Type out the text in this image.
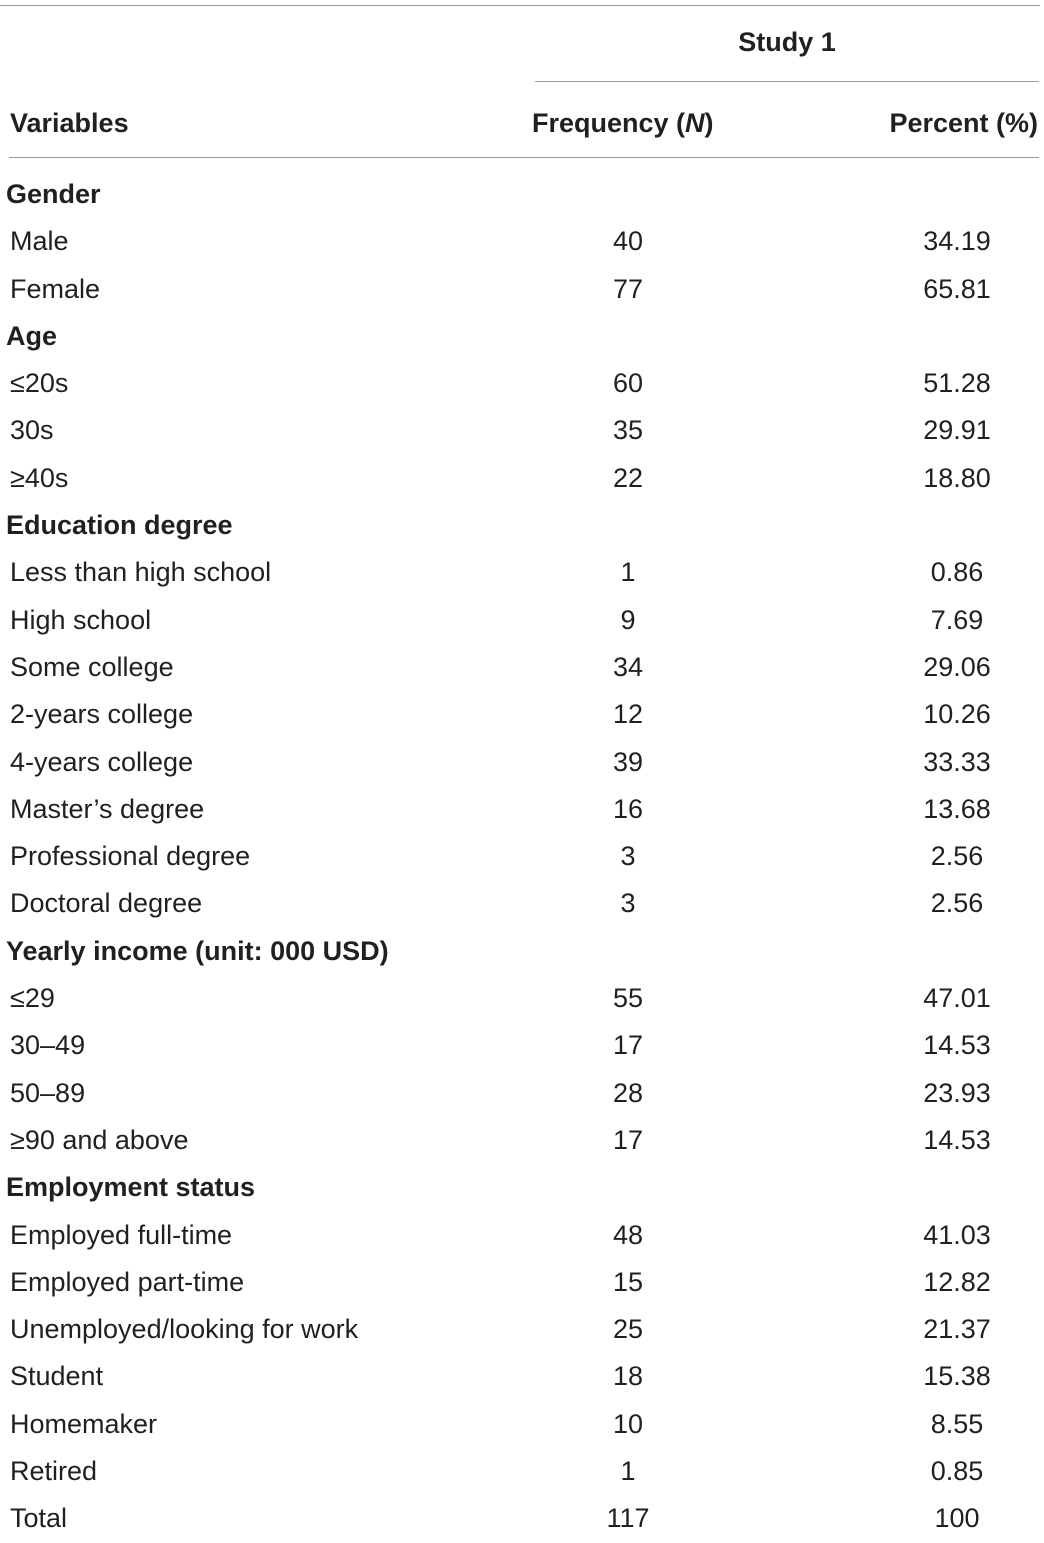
Study 1
Variables	Frequency (N)	Percent (%)
Gender
Male	40	34.19
Female	77	65.81
Age
≤20s	60	51.28
30s	35	29.91
≥40s	22	18.80
Education degree
Less than high school	1	0.86
High school	9	7.69
Some college	34	29.06
2-years college	12	10.26
4-years college	39	33.33
Master’s degree	16	13.68
Professional degree	3	2.56
Doctoral degree	3	2.56
Yearly income (unit: 000 USD)
≤29	55	47.01
30–49	17	14.53
50–89	28	23.93
≥90 and above	17	14.53
Employment status
Employed full-time	48	41.03
Employed part-time	15	12.82
Unemployed/looking for work	25	21.37
Student	18	15.38
Homemaker	10	8.55
Retired	1	0.85
Total	117	100
